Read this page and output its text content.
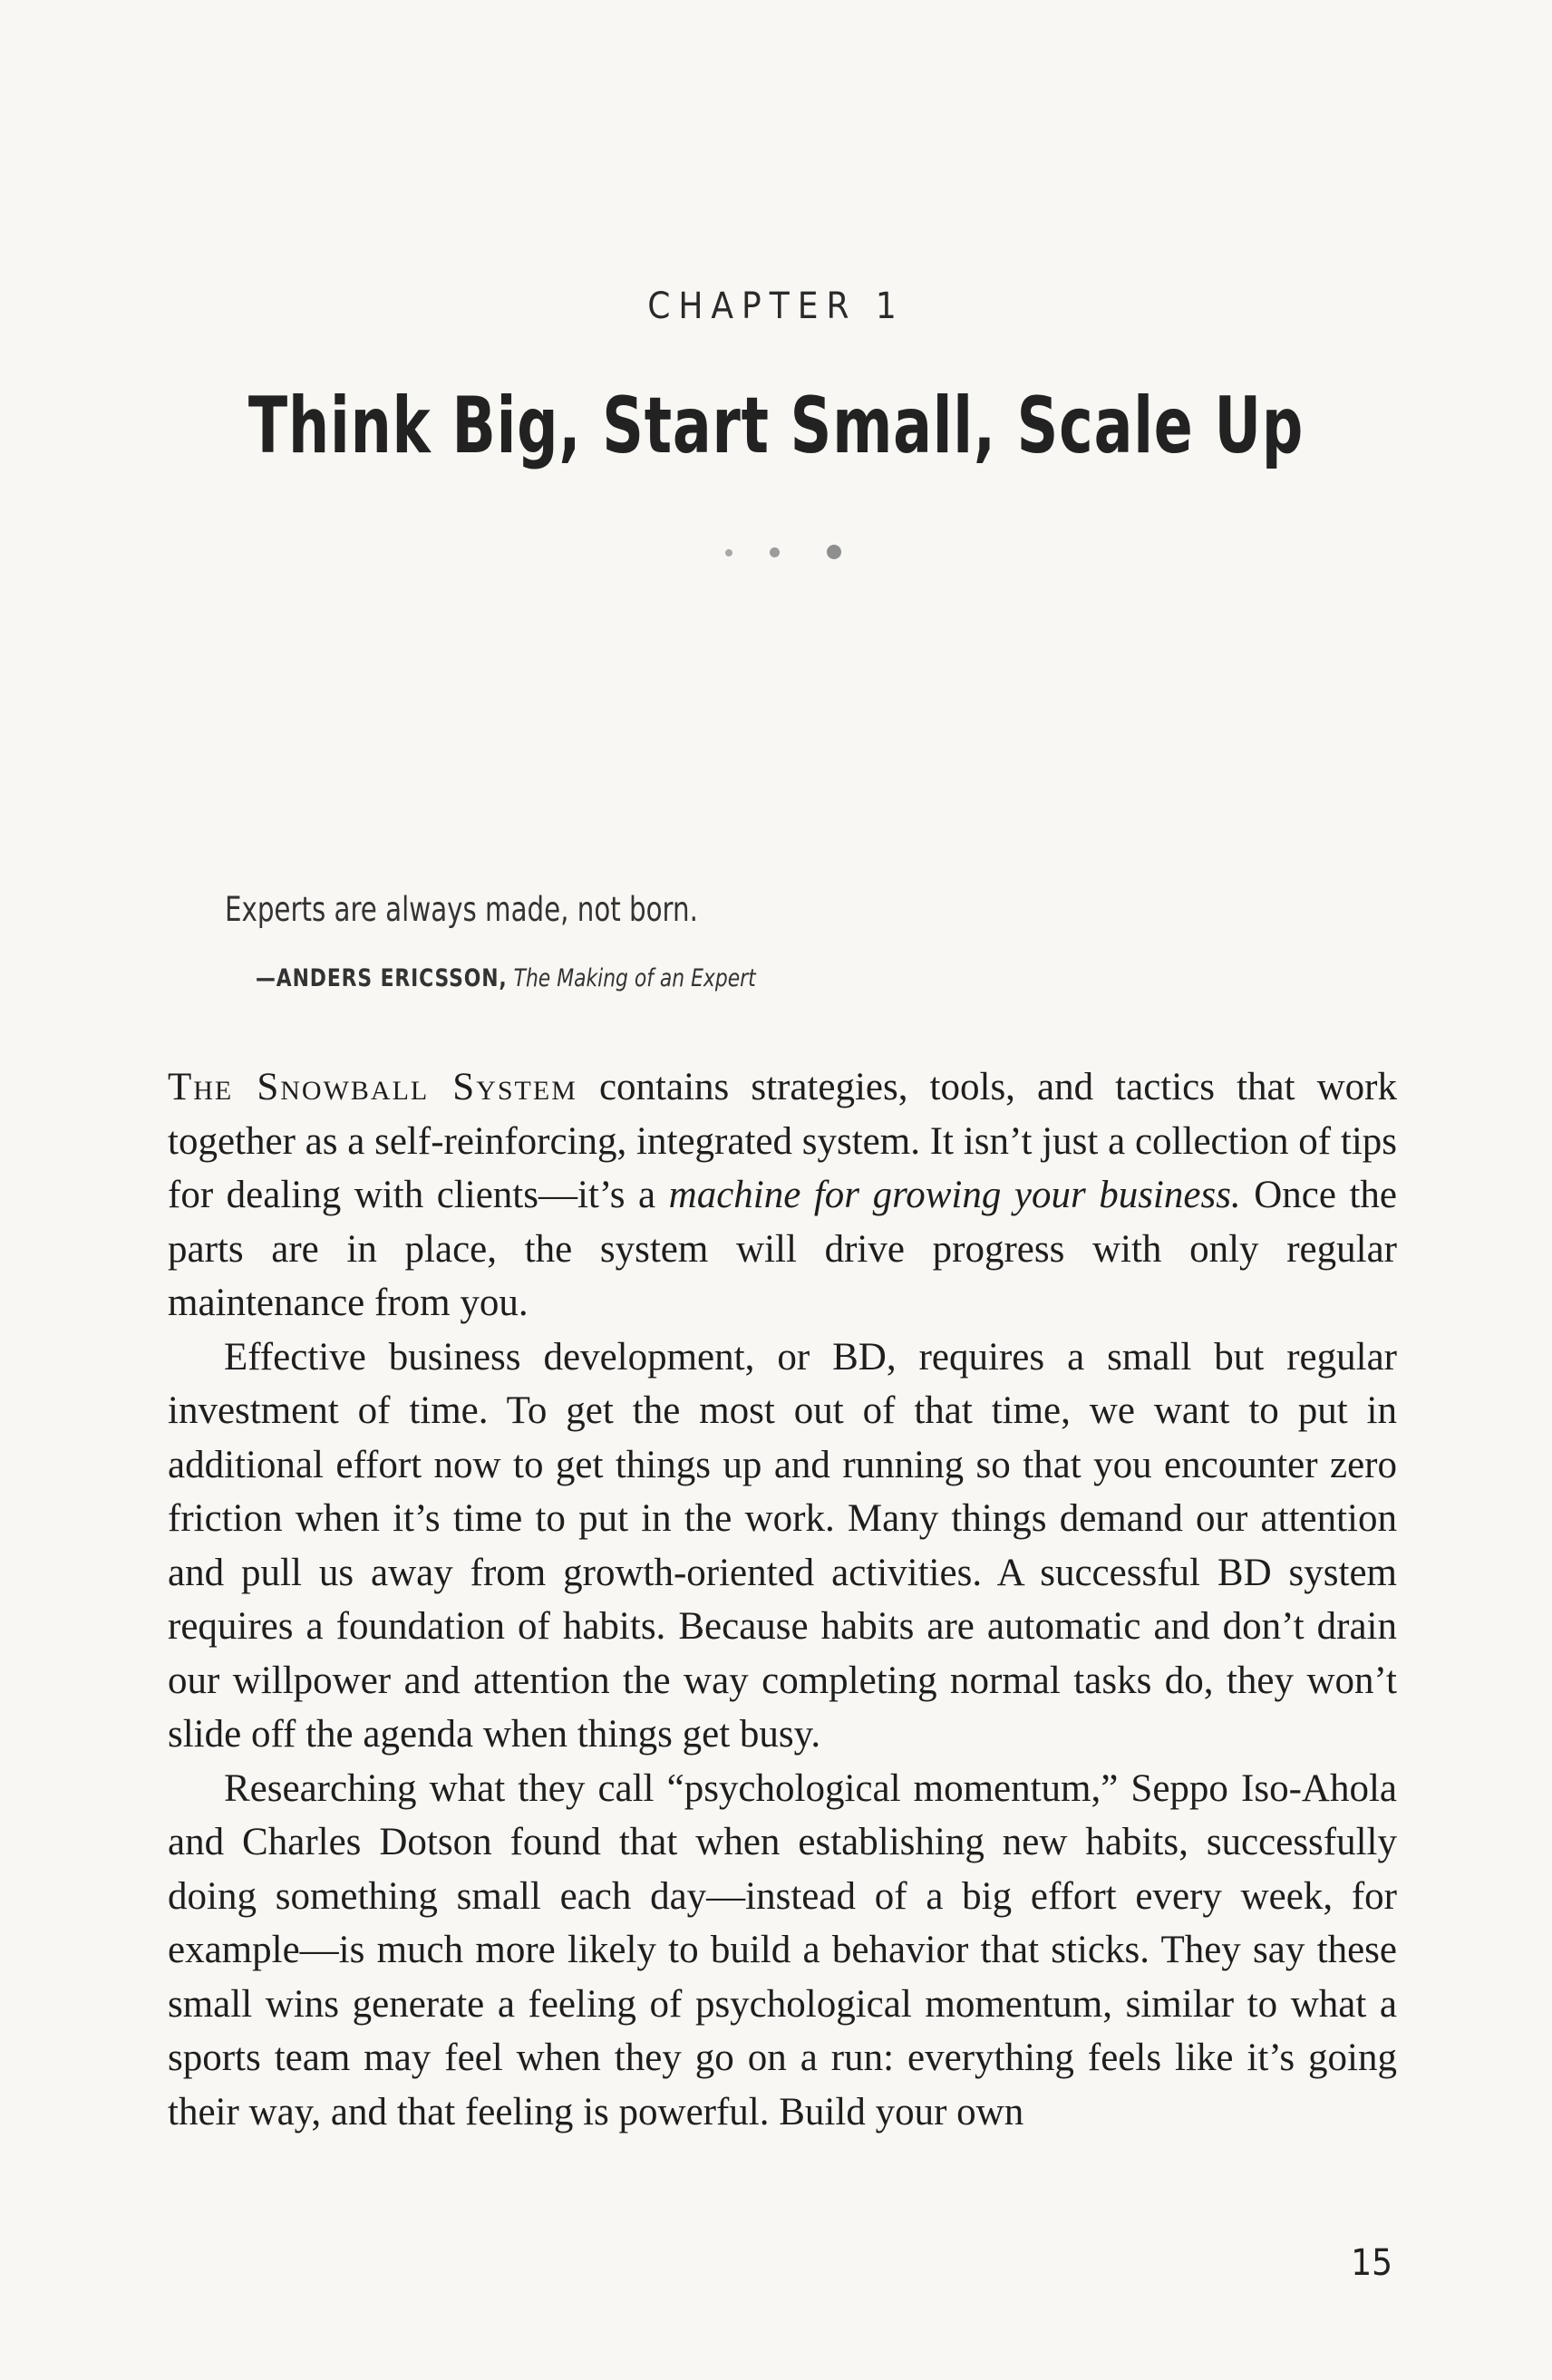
CHAPTER 1
Think Big, Start Small, Scale Up
Experts are always made, not born.
—ANDERS ERICSSON, The Making of an Expert

The Snowball System contains strategies, tools, and tactics that work together as a self-reinforcing, integrated system. It isn’t just a collection of tips for dealing with clients—it’s a machine for growing your business. Once the parts are in place, the system will drive progress with only regular maintenance from you.

Effective business development, or BD, requires a small but regular investment of time. To get the most out of that time, we want to put in additional effort now to get things up and running so that you encounter zero friction when it’s time to put in the work. Many things demand our attention and pull us away from growth-oriented activities. A successful BD system requires a foundation of habits. Because habits are automatic and don’t drain our willpower and attention the way completing normal tasks do, they won’t slide off the agenda when things get busy.

Researching what they call “psychological momentum,” Seppo Iso-Ahola and Charles Dotson found that when establishing new habits, successfully doing something small each day—instead of a big effort every week, for example—is much more likely to build a behavior that sticks. They say these small wins generate a feeling of psychological momentum, similar to what a sports team may feel when they go on a run: everything feels like it’s going their way, and that feeling is powerful. Build your own

15
